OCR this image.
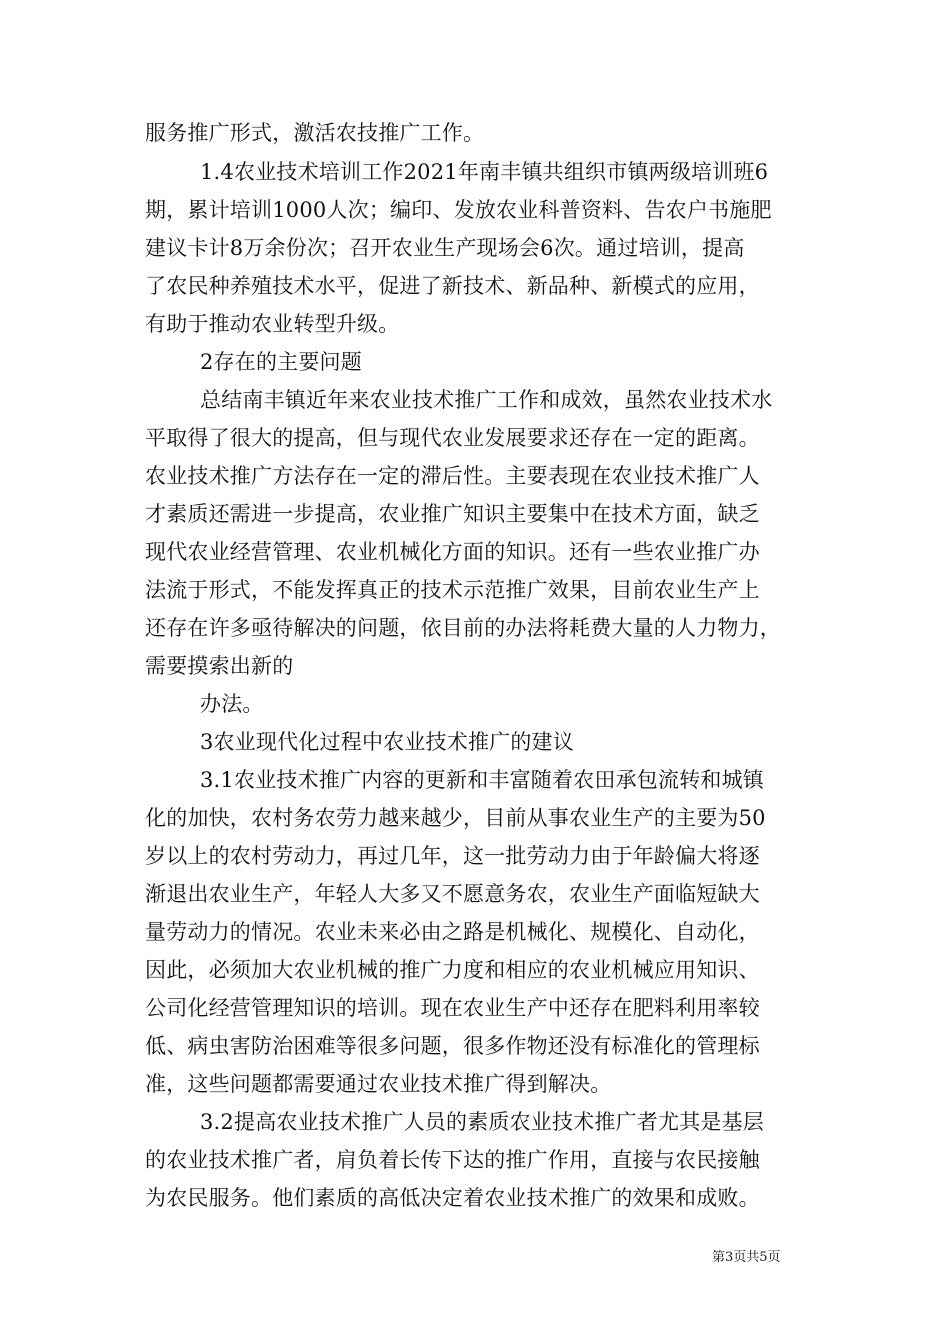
服务推广形式，激活农技推广工作。
1.4农业技术培训工作2021年南丰镇共组织市镇两级培训班6
期，累计培训1000人次；编印、发放农业科普资料、告农户书施肥
建议卡计8万余份次；召开农业生产现场会6次。通过培训，提高
了农民种养殖技术水平，促进了新技术、新品种、新模式的应用，
有助于推动农业转型升级。
2存在的主要问题
总结南丰镇近年来农业技术推广工作和成效，虽然农业技术水
平取得了很大的提高，但与现代农业发展要求还存在一定的距离。
农业技术推广方法存在一定的滞后性。主要表现在农业技术推广人
才素质还需进一步提高，农业推广知识主要集中在技术方面，缺乏
现代农业经营管理、农业机械化方面的知识。还有一些农业推广办
法流于形式，不能发挥真正的技术示范推广效果，目前农业生产上
还存在许多亟待解决的问题，依目前的办法将耗费大量的人力物力，
需要摸索出新的
办法。
3农业现代化过程中农业技术推广的建议
3.1农业技术推广内容的更新和丰富随着农田承包流转和城镇
化的加快，农村务农劳力越来越少，目前从事农业生产的主要为50
岁以上的农村劳动力，再过几年，这一批劳动力由于年龄偏大将逐
渐退出农业生产，年轻人大多又不愿意务农，农业生产面临短缺大
量劳动力的情况。农业未来必由之路是机械化、规模化、自动化，
因此，必须加大农业机械的推广力度和相应的农业机械应用知识、
公司化经营管理知识的培训。现在农业生产中还存在肥料利用率较
低、病虫害防治困难等很多问题，很多作物还没有标准化的管理标
准，这些问题都需要通过农业技术推广得到解决。
3.2提高农业技术推广人员的素质农业技术推广者尤其是基层
的农业技术推广者，肩负着长传下达的推广作用，直接与农民接触
为农民服务。他们素质的高低决定着农业技术推广的效果和成败。
第3页共5页
